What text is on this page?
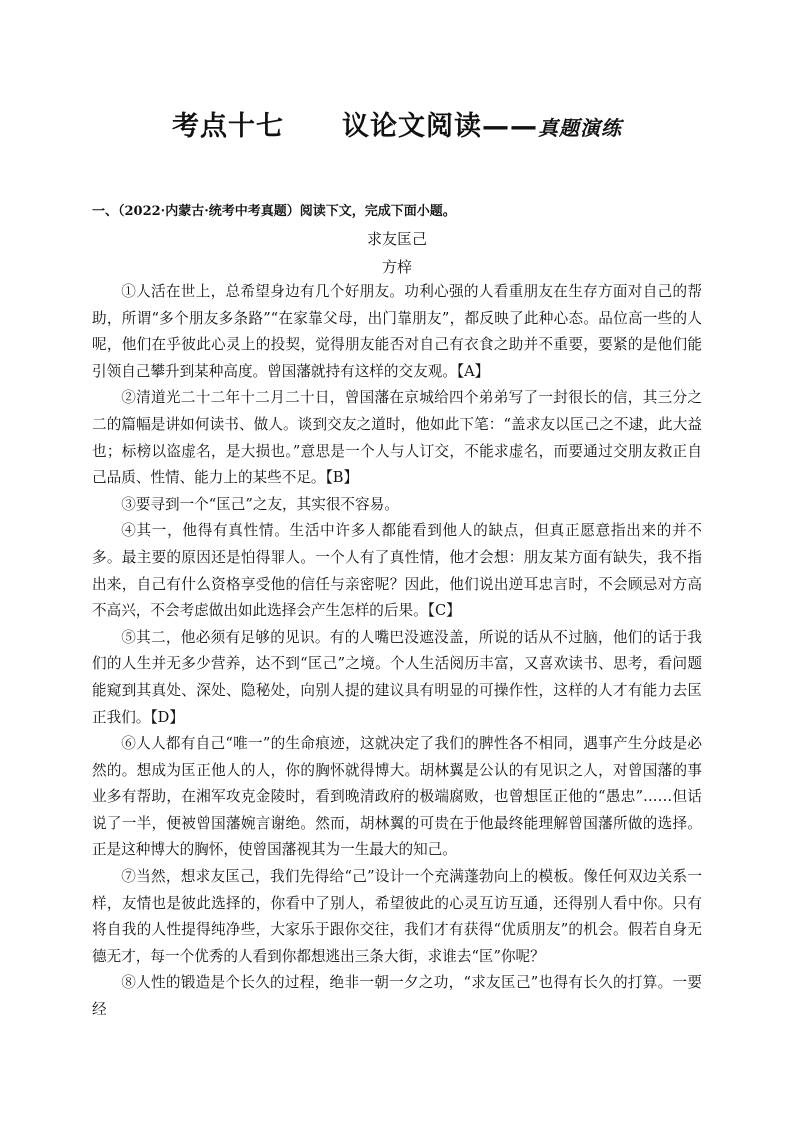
考点十七 议论文阅读——真题演练
一、（2022·内蒙古·统考中考真题）阅读下文，完成下面小题。
求友匡己
方梓

①人活在世上，总希望身边有几个好朋友。功利心强的人看重朋友在生存方面对自己的帮助，所谓“多个朋友多条路”“在家靠父母，出门靠朋友”，都反映了此种心态。品位高一些的人呢，他们在乎彼此心灵上的投契，觉得朋友能否对自己有衣食之助并不重要，要紧的是他们能引领自己攀升到某种高度。曾国藩就持有这样的交友观。【A】

②清道光二十二年十二月二十日，曾国藩在京城给四个弟弟写了一封很长的信，其三分之二的篇幅是讲如何读书、做人。谈到交友之道时，他如此下笔：“盖求友以匡己之不逮，此大益也；标榜以盗虚名，是大损也。”意思是一个人与人订交，不能求虚名，而要通过交朋友救正自己品质、性情、能力上的某些不足。【B】

③要寻到一个“匡己”之友，其实很不容易。

④其一，他得有真性情。生活中许多人都能看到他人的缺点，但真正愿意指出来的并不多。最主要的原因还是怕得罪人。一个人有了真性情，他才会想：朋友某方面有缺失，我不指出来，自己有什么资格享受他的信任与亲密呢？因此，他们说出逆耳忠言时，不会顾忌对方高不高兴，不会考虑做出如此选择会产生怎样的后果。【C】

⑤其二，他必须有足够的见识。有的人嘴巴没遮没盖，所说的话从不过脑，他们的话于我们的人生并无多少营养，达不到“匡己”之境。个人生活阅历丰富，又喜欢读书、思考，看问题能窥到其真处、深处、隐秘处，向别人提的建议具有明显的可操作性，这样的人才有能力去匡正我们。【D】

⑥人人都有自己“唯一”的生命痕迹，这就决定了我们的脾性各不相同，遇事产生分歧是必然的。想成为匡正他人的人，你的胸怀就得博大。胡林翼是公认的有见识之人，对曾国藩的事业多有帮助，在湘军攻克金陵时，看到晚清政府的极端腐败，也曾想匡正他的“愚忠”……但话说了一半，便被曾国藩婉言谢绝。然而，胡林翼的可贵在于他最终能理解曾国藩所做的选择。正是这种博大的胸怀，使曾国藩视其为一生最大的知己。

⑦当然，想求友匡己，我们先得给“己”设计一个充满蓬勃向上的模板。像任何双边关系一样，友情也是彼此选择的，你看中了别人，希望彼此的心灵互访互通，还得别人看中你。只有将自我的人性提得纯净些，大家乐于跟你交往，我们才有获得“优质朋友”的机会。假若自身无德无才，每一个优秀的人看到你都想逃出三条大街，求谁去“匡”你呢？

⑧人性的锻造是个长久的过程，绝非一朝一夕之功，“求友匡己”也得有长久的打算。一要经
